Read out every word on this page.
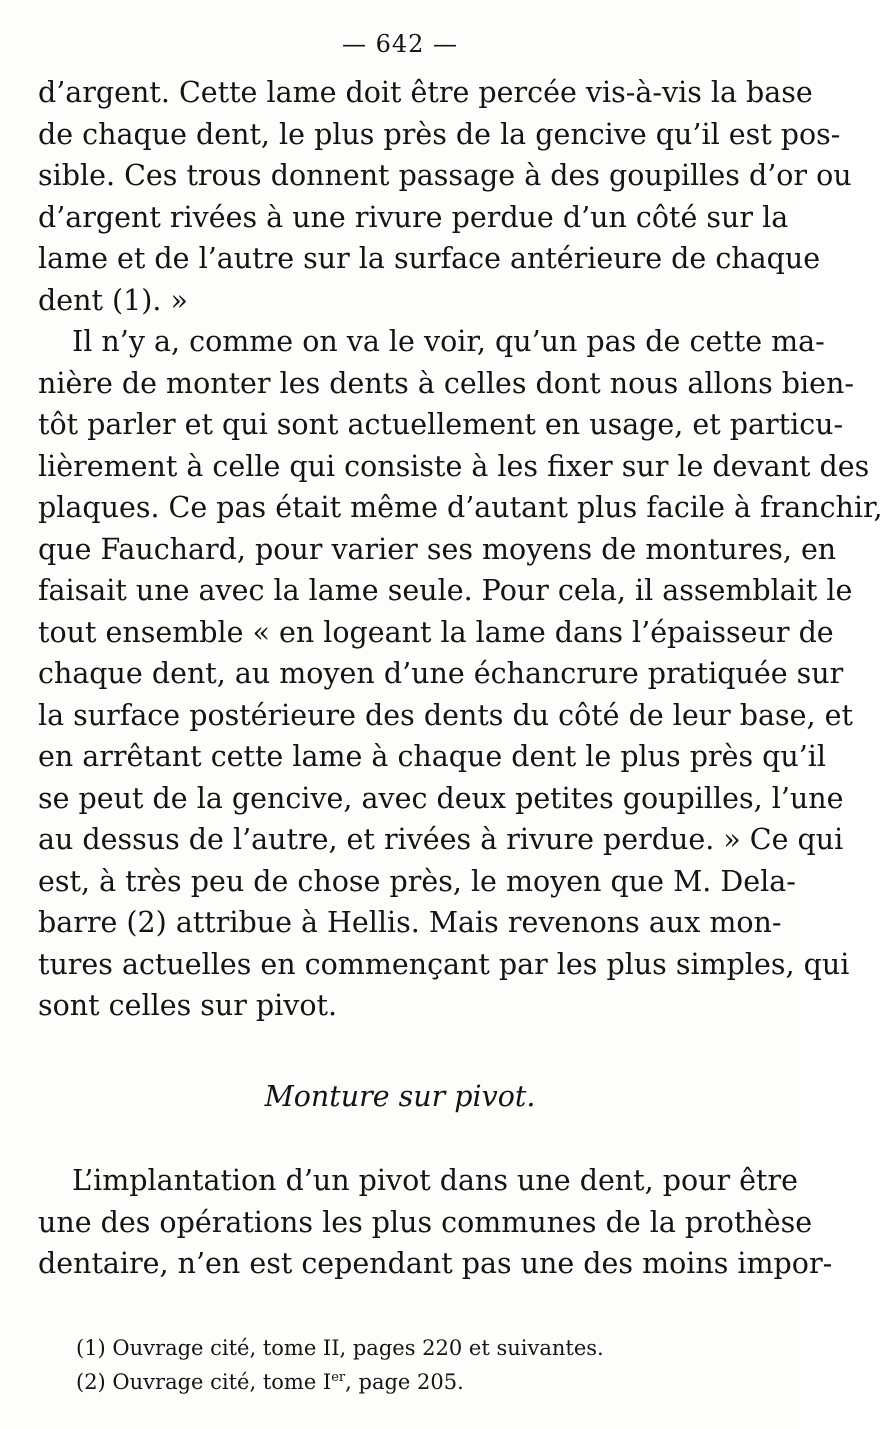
— 642 —
d’argent. Cette lame doit être percée vis-à-vis la base
de chaque dent, le plus près de la gencive qu’il est pos-
sible. Ces trous donnent passage à des goupilles d’or ou
d’argent rivées à une rivure perdue d’un côté sur la
lame et de l’autre sur la surface antérieure de chaque
dent (1). »
Il n’y a, comme on va le voir, qu’un pas de cette ma-
nière de monter les dents à celles dont nous allons bien-
tôt parler et qui sont actuellement en usage, et particu-
lièrement à celle qui consiste à les fixer sur le devant des
plaques. Ce pas était même d’autant plus facile à franchir,
que Fauchard, pour varier ses moyens de montures, en
faisait une avec la lame seule. Pour cela, il assemblait le
tout ensemble « en logeant la lame dans l’épaisseur de
chaque dent, au moyen d’une échancrure pratiquée sur
la surface postérieure des dents du côté de leur base, et
en arrêtant cette lame à chaque dent le plus près qu’il
se peut de la gencive, avec deux petites goupilles, l’une
au dessus de l’autre, et rivées à rivure perdue. » Ce qui
est, à très peu de chose près, le moyen que M. Dela-
barre (2) attribue à Hellis. Mais revenons aux mon-
tures actuelles en commençant par les plus simples, qui
sont celles sur pivot.
Monture sur pivot.
L’implantation d’un pivot dans une dent, pour être
une des opérations les plus communes de la prothèse
dentaire, n’en est cependant pas une des moins impor-
(1) Ouvrage cité, tome II, pages 220 et suivantes.
(2) Ouvrage cité, tome Ier, page 205.
